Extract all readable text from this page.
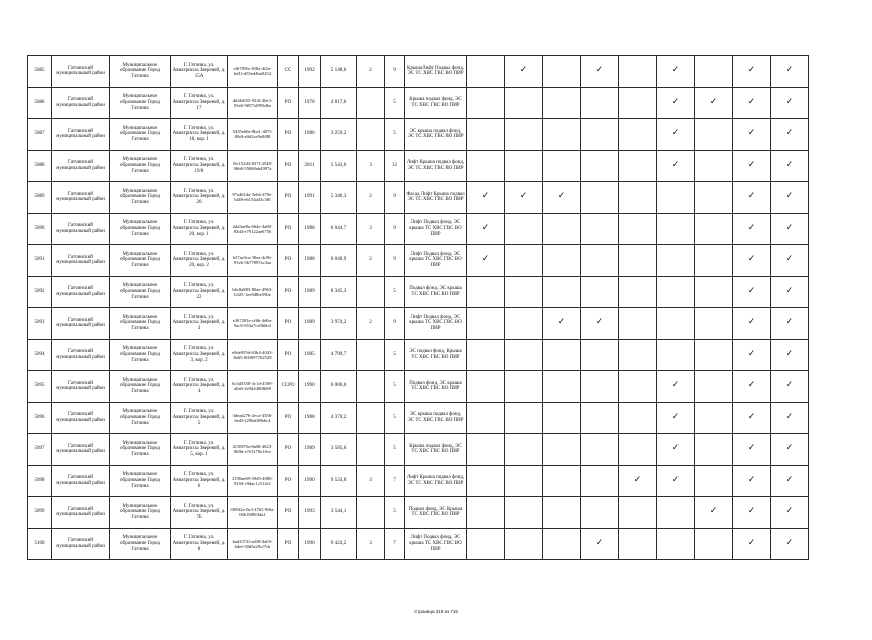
5085	Гатчинский муниципальный район	Муниципальное образование Город Гатчина	Г. Гатчина, ул. Авиатриссы Зверевой, д. 15А	ef67856c-8f8a-4f2a-bd1f-d55ed4ba9254	СС	1992	5 148,0	2	9	КрышаЛифт Подвал фонд, ЭС ТС ХВС ГВС ВО ПИР		✓		✓		✓		✓	✓
5086	Гатчинский муниципальный район	Муниципальное образование Город Гатчина	Г. Гатчина, ул. Авиатриссы Зверевой, д. 17	dd264f55-924f-46e3-93e6-9f871d993d6a	РО	1978	4 817,0		5	Крыша подвал фонд, ЭС ТС ХВС ГВС ВО ПИР						✓	✓	✓	✓
5087	Гатчинский муниципальный район	Муниципальное образование Город Гатчина	Г. Гатчина, ул. Авиатриссы Зверевой, д. 18, кор. 1	5435e60a-8be1-407f-80df-e0d2ce9a0f08	РО	1986	3 259,2		5	ЭС крыша подвал фонд, ЭС ТС ХВС ГВС ВО ПИР						✓		✓	✓
5088	Гатчинский муниципальный район	Муниципальное образование Город Гатчина	Г. Гатчина, ул. Авиатриссы Зверевой, д. 19/8	5fe152d4-837f-4548-96b8-55860ab4997a	РО	2011	5 543,6	3	12	Лифт Крыша подвал фонд, ЭС ТС ХВС ГВС ВО ПИР						✓		✓	✓
5089	Гатчинский муниципальный район	Муниципальное образование Город Гатчина	Г. Гатчина, ул. Авиатриссы Зверевой, д. 20	97a461da-3e64-479e-bf48-e6154d43c38f	РО	1991	5 346,3	2	9	Фасад Лифт Крыша подвал ЭС ТС ХВС ГВС ВО ПИР	✓	✓	✓					✓	✓
5090	Гатчинский муниципальный район	Муниципальное образование Город Гатчина	Г. Гатчина, ул. Авиатриссы Зверевой, д. 20, кор. 1	2da5ae8a-664e-4a68-83d4-e79122ae6756	РО	1988	6 044,7	3	9	Лифт Подвал фонд, ЭС крыша ТС ХВС ГВС ВО ПИР	✓							✓	✓
5091	Гатчинский муниципальный район	Муниципальное образование Город Гатчина	Г. Гатчина, ул. Авиатриссы Зверевой, д. 20, кор. 2	b37ae3ca-30ea-4c96-93cb-5b77897ac3aa	РО	1988	6 040,9	2	9	Лифт Подвал фонд, ЭС крыша ТС ХВС ГВС ВО ПИР	✓							✓	✓
5092	Гатчинский муниципальный район	Муниципальное образование Город Гатчина	Г. Гатчина, ул. Авиатриссы Зверевой, д. 22	b6c8a883-80ae-4963-b325-1ee8d8fe59be	РО	1989	8 345,3		5	Подвал фонд, ЭС крыша ТС ХВС ГВС ВО ПИР								✓	✓
5093	Гатчинский муниципальный район	Муниципальное образование Город Гатчина	Г. Гатчина, ул. Авиатриссы Зверевой, д. 3	e267281e-cf6b-4d6a-9ac9-653a7ce06bb3	РО	1989	3 974,2	2	9	Лифт Подвал фонд, ЭС крыша ТС ХВС ГВС ВО ПИР			✓	✓				✓	✓
5094	Гатчинский муниципальный район	Муниципальное образование Город Гатчина	Г. Гатчина, ул. Авиатриссы Зверевой, д. 3, кор. 2	e0de955d-63b4-4043-8a65-000097762528	РО	1985	4 799,7		5	ЭС подвал фонд, Крыша ТС ХВС ГВС ВО ПИР								✓	✓
5095	Гатчинский муниципальный район	Муниципальное образование Город Гатчина	Г. Гатчина, ул. Авиатриссы Зверевой, д. 4	6c3d3358-3c1d-4509-a0a6-2e9d2d0f8b88	ССРО	1990	6 006,0		5	Подвал фонд, ЭС крыша ТС ХВС ГВС ВО ПИР						✓		✓	✓
5096	Гатчинский муниципальный район	Муниципальное образование Город Гатчина	Г. Гатчина, ул. Авиатриссы Зверевой, д. 5	3dead276-2eca-4356-bed3-f296a0f9b6c4	РО	1988	4 370,2		5	ЭС крыша подвал фонд, ЭС ТС ХВС ГВС ВО ПИР						✓		✓	✓
5097	Гатчинский муниципальный район	Муниципальное образование Город Гатчина	Г. Гатчина, ул. Авиатриссы Зверевой, д. 5, кор. 1	4138f70a-8a08-4823-8b9d-e7e5178e10ce	РО	1989	3 585,6		5	Крыша подвал фонд, ЭС ТС ХВС ГВС ВО ПИР						✓		✓	✓
5098	Гатчинский муниципальный район	Муниципальное образование Город Гатчина	Г. Гатчина, ул. Авиатриссы Зверевой, д. 6	2190ae69-3949-4080-9104-c9dac1c512e1	РО	1990	9 533,8	3	7	Лифт Крыша подвал фонд, ЭС ТС ХВС ГВС ВО ПИР					✓	✓		✓	✓
5099	Гатчинский муниципальный район	Муниципальное образование Город Гатчина	Г. Гатчина, ул. Авиатриссы Зверевой, д. 7Б	f309f2a-0a3-47b5-9f6a-06b1689f3da1	РО	1993	3 544,1		5	Подвал фонд, ЭС Крыша ТС ХВС ГВС ВО ПИР							✓	✓	✓
5100	Гатчинский муниципальный район	Муниципальное образование Город Гатчина	Г. Гатчина, ул. Авиатриссы Зверевой, д. 8	bad2372f-ad38-4a03-bdef-50d5e29cf7cb	РО	1990	9 424,2	3	7	Лифт Подвал фонд, ЭС крыша ТС ХВС ГВС ВО ПИР				✓				✓	✓
Страница 319 из 715
